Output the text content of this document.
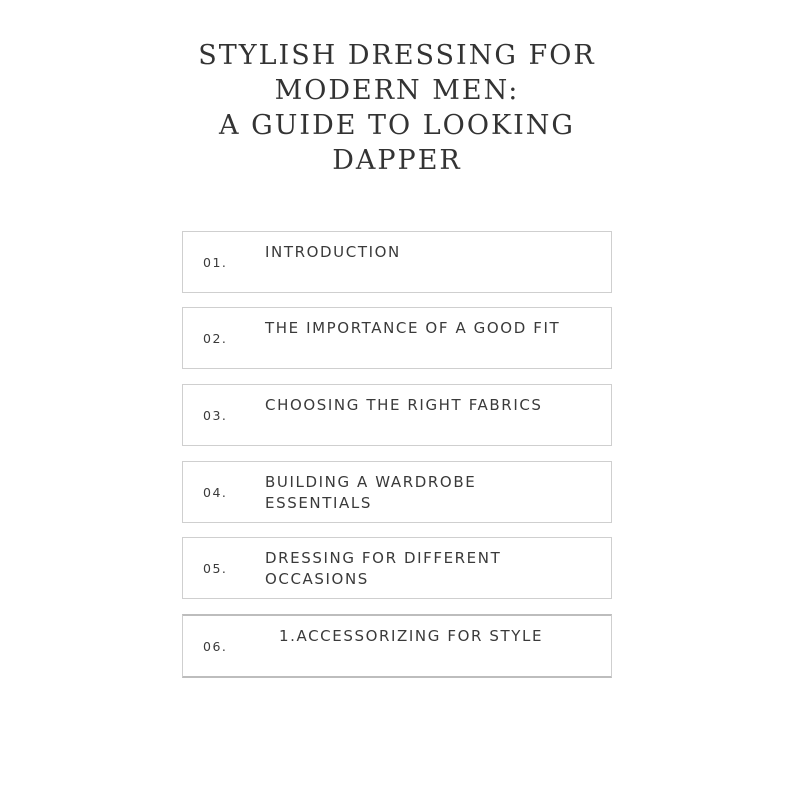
STYLISH DRESSING FOR
MODERN MEN:
A GUIDE TO LOOKING
DAPPER
01.
INTRODUCTION
02.
THE IMPORTANCE OF A GOOD FIT
03.
CHOOSING THE RIGHT FABRICS
04.
BUILDING A WARDROBE ESSENTIALS
05.
DRESSING FOR DIFFERENT OCCASIONS
06.
1.ACCESSORIZING FOR STYLE
